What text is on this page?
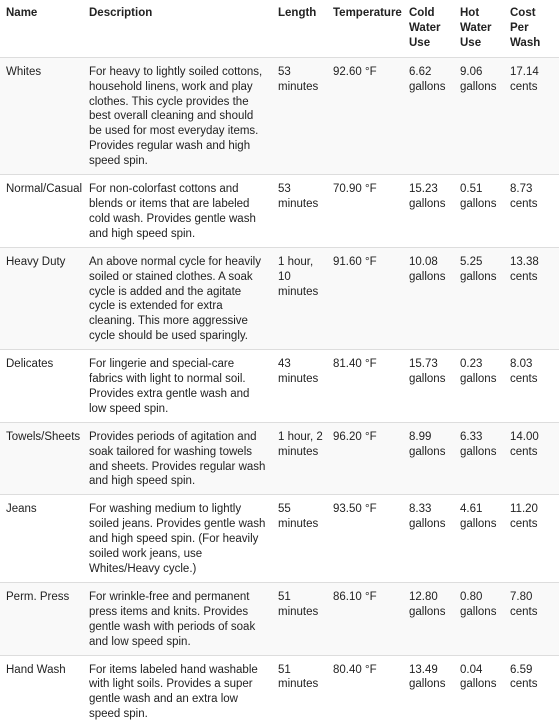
Name	Description	Length	Temperature	Cold Water Use	Hot Water Use	Cost Per Wash
Whites	For heavy to lightly soiled cottons, household linens, work and play clothes. This cycle provides the best overall cleaning and should be used for most everyday items. Provides regular wash and high speed spin.	53 minutes	92.60 °F	6.62 gallons	9.06 gallons	17.14 cents
Normal/Casual	For non-colorfast cottons and blends or items that are labeled cold wash. Provides gentle wash and high speed spin.	53 minutes	70.90 °F	15.23 gallons	0.51 gallons	8.73 cents
Heavy Duty	An above normal cycle for heavily soiled or stained clothes. A soak cycle is added and the agitate cycle is extended for extra cleaning. This more aggressive cycle should be used sparingly.	1 hour, 10 minutes	91.60 °F	10.08 gallons	5.25 gallons	13.38 cents
Delicates	For lingerie and special-care fabrics with light to normal soil. Provides extra gentle wash and low speed spin.	43 minutes	81.40 °F	15.73 gallons	0.23 gallons	8.03 cents
Towels/Sheets	Provides periods of agitation and soak tailored for washing towels and sheets. Provides regular wash and high speed spin.	1 hour, 2 minutes	96.20 °F	8.99 gallons	6.33 gallons	14.00 cents
Jeans	For washing medium to lightly soiled jeans. Provides gentle wash and high speed spin. (For heavily soiled work jeans, use Whites/Heavy cycle.)	55 minutes	93.50 °F	8.33 gallons	4.61 gallons	11.20 cents
Perm. Press	For wrinkle-free and permanent press items and knits. Provides gentle wash with periods of soak and low speed spin.	51 minutes	86.10 °F	12.80 gallons	0.80 gallons	7.80 cents
Hand Wash	For items labeled hand washable with light soils. Provides a super gentle wash and an extra low speed spin.	51 minutes	80.40 °F	13.49 gallons	0.04 gallons	6.59 cents
